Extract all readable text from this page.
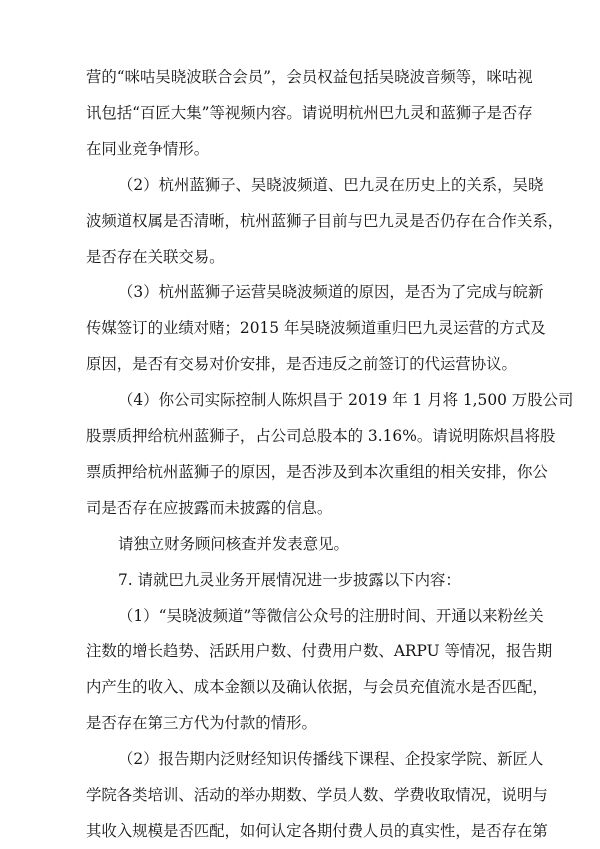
营的“咪咕吴晓波联合会员”，会员权益包括吴晓波音频等，咪咕视
讯包括“百匠大集”等视频内容。请说明杭州巴九灵和蓝狮子是否存
在同业竞争情形。
（2）杭州蓝狮子、吴晓波频道、巴九灵在历史上的关系，吴晓
波频道权属是否清晰，杭州蓝狮子目前与巴九灵是否仍存在合作关系，
是否存在关联交易。
（3）杭州蓝狮子运营吴晓波频道的原因，是否为了完成与皖新
传媒签订的业绩对赌；2015 年吴晓波频道重归巴九灵运营的方式及
原因，是否有交易对价安排，是否违反之前签订的代运营协议。
（4）你公司实际控制人陈炽昌于 2019 年 1 月将 1,500 万股公司
股票质押给杭州蓝狮子，占公司总股本的 3.16%。请说明陈炽昌将股
票质押给杭州蓝狮子的原因，是否涉及到本次重组的相关安排，你公
司是否存在应披露而未披露的信息。
请独立财务顾问核查并发表意见。
7. 请就巴九灵业务开展情况进一步披露以下内容：
（1）“吴晓波频道”等微信公众号的注册时间、开通以来粉丝关
注数的增长趋势、活跃用户数、付费用户数、ARPU 等情况，报告期
内产生的收入、成本金额以及确认依据，与会员充值流水是否匹配，
是否存在第三方代为付款的情形。
（2）报告期内泛财经知识传播线下课程、企投家学院、新匠人
学院各类培训、活动的举办期数、学员人数、学费收取情况，说明与
其收入规模是否匹配，如何认定各期付费人员的真实性，是否存在第
